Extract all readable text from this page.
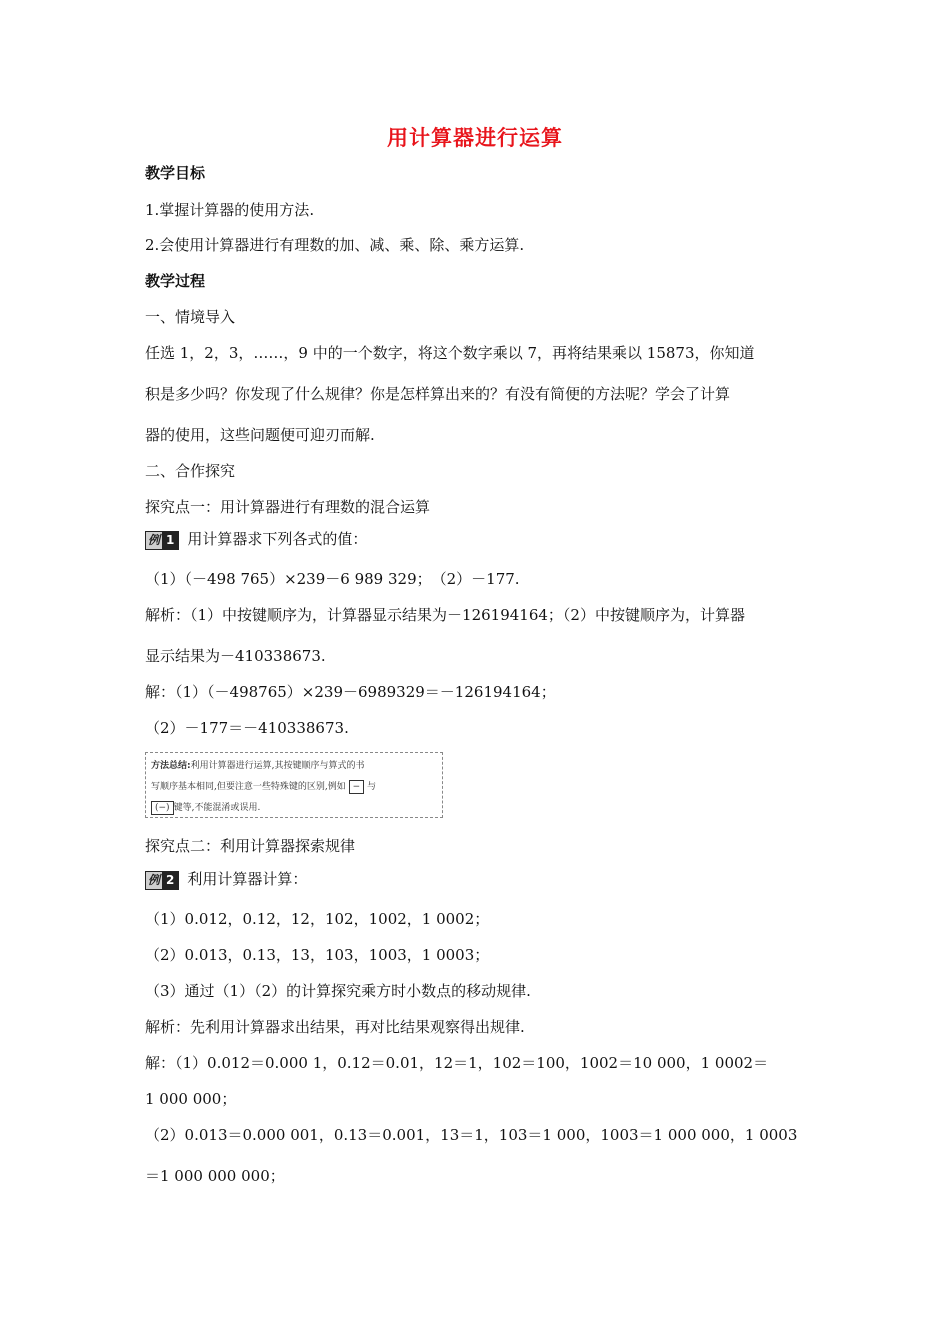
用计算器进行运算
教学目标
1.掌握计算器的使用方法.
2.会使用计算器进行有理数的加、减、乘、除、乘方运算.
教学过程
一、情境导入
任选 1，2，3，……，9 中的一个数字，将这个数字乘以 7，再将结果乘以 15873，你知道
积是多少吗？你发现了什么规律？你是怎样算出来的？有没有简便的方法呢？学会了计算
器的使用，这些问题便可迎刃而解.
二、合作探究
探究点一：用计算器进行有理数的混合运算
例 1 用计算器求下列各式的值：
（1）（－498 765）×239－6 989 329；　（2）－177.
解析：（1）中按键顺序为，计算器显示结果为－126194164；（2）中按键顺序为，计算器
显示结果为－410338673.
解：（1）（－498765）×239－6989329＝－126194164；
（2）－177＝－410338673.
方法总结:利用计算器进行运算,其按键顺序与算式的书
写顺序基本相同,但要注意一些特殊键的区别,例如 − 与
(−) 键等,不能混淆或误用.
探究点二：利用计算器探索规律
例 2 利用计算器计算：
（1）0.012，0.12，12，102，1002，1 0002；
（2）0.013，0.13，13，103，1003，1 0003；
（3）通过（1）（2）的计算探究乘方时小数点的移动规律.
解析：先利用计算器求出结果，再对比结果观察得出规律.
解：（1）0.012＝0.000 1，0.12＝0.01，12＝1，102＝100，1002＝10 000，1 0002＝
1 000 000；
（2）0.013＝0.000 001，0.13＝0.001，13＝1，103＝1 000，1003＝1 000 000，1 0003
＝1 000 000 000；
